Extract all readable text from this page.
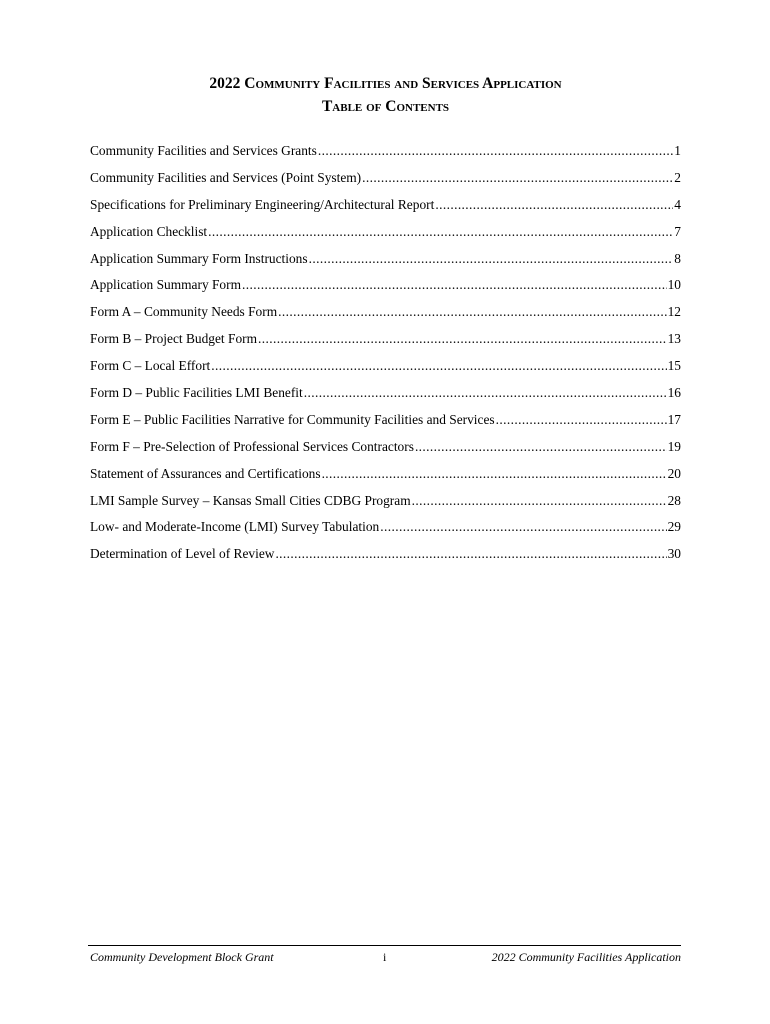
2022 Community Facilities and Services Application
Table of Contents
Community Facilities and Services Grants .....	1
Community Facilities and Services (Point System) .....	2
Specifications for Preliminary Engineering/Architectural Report .....	4
Application Checklist .....	7
Application Summary Form Instructions .....	8
Application Summary Form .....	10
Form A – Community Needs Form .....	12
Form B – Project Budget Form .....	13
Form C – Local Effort .....	15
Form D – Public Facilities LMI Benefit .....	16
Form E – Public Facilities Narrative for Community Facilities and Services .....	17
Form F – Pre-Selection of Professional Services Contractors .....	19
Statement of Assurances and Certifications .....	20
LMI Sample Survey – Kansas Small Cities CDBG Program .....	28
Low- and Moderate-Income (LMI) Survey Tabulation .....	29
Determination of Level of Review .....	30
Community Development Block Grant	i	2022 Community Facilities Application
